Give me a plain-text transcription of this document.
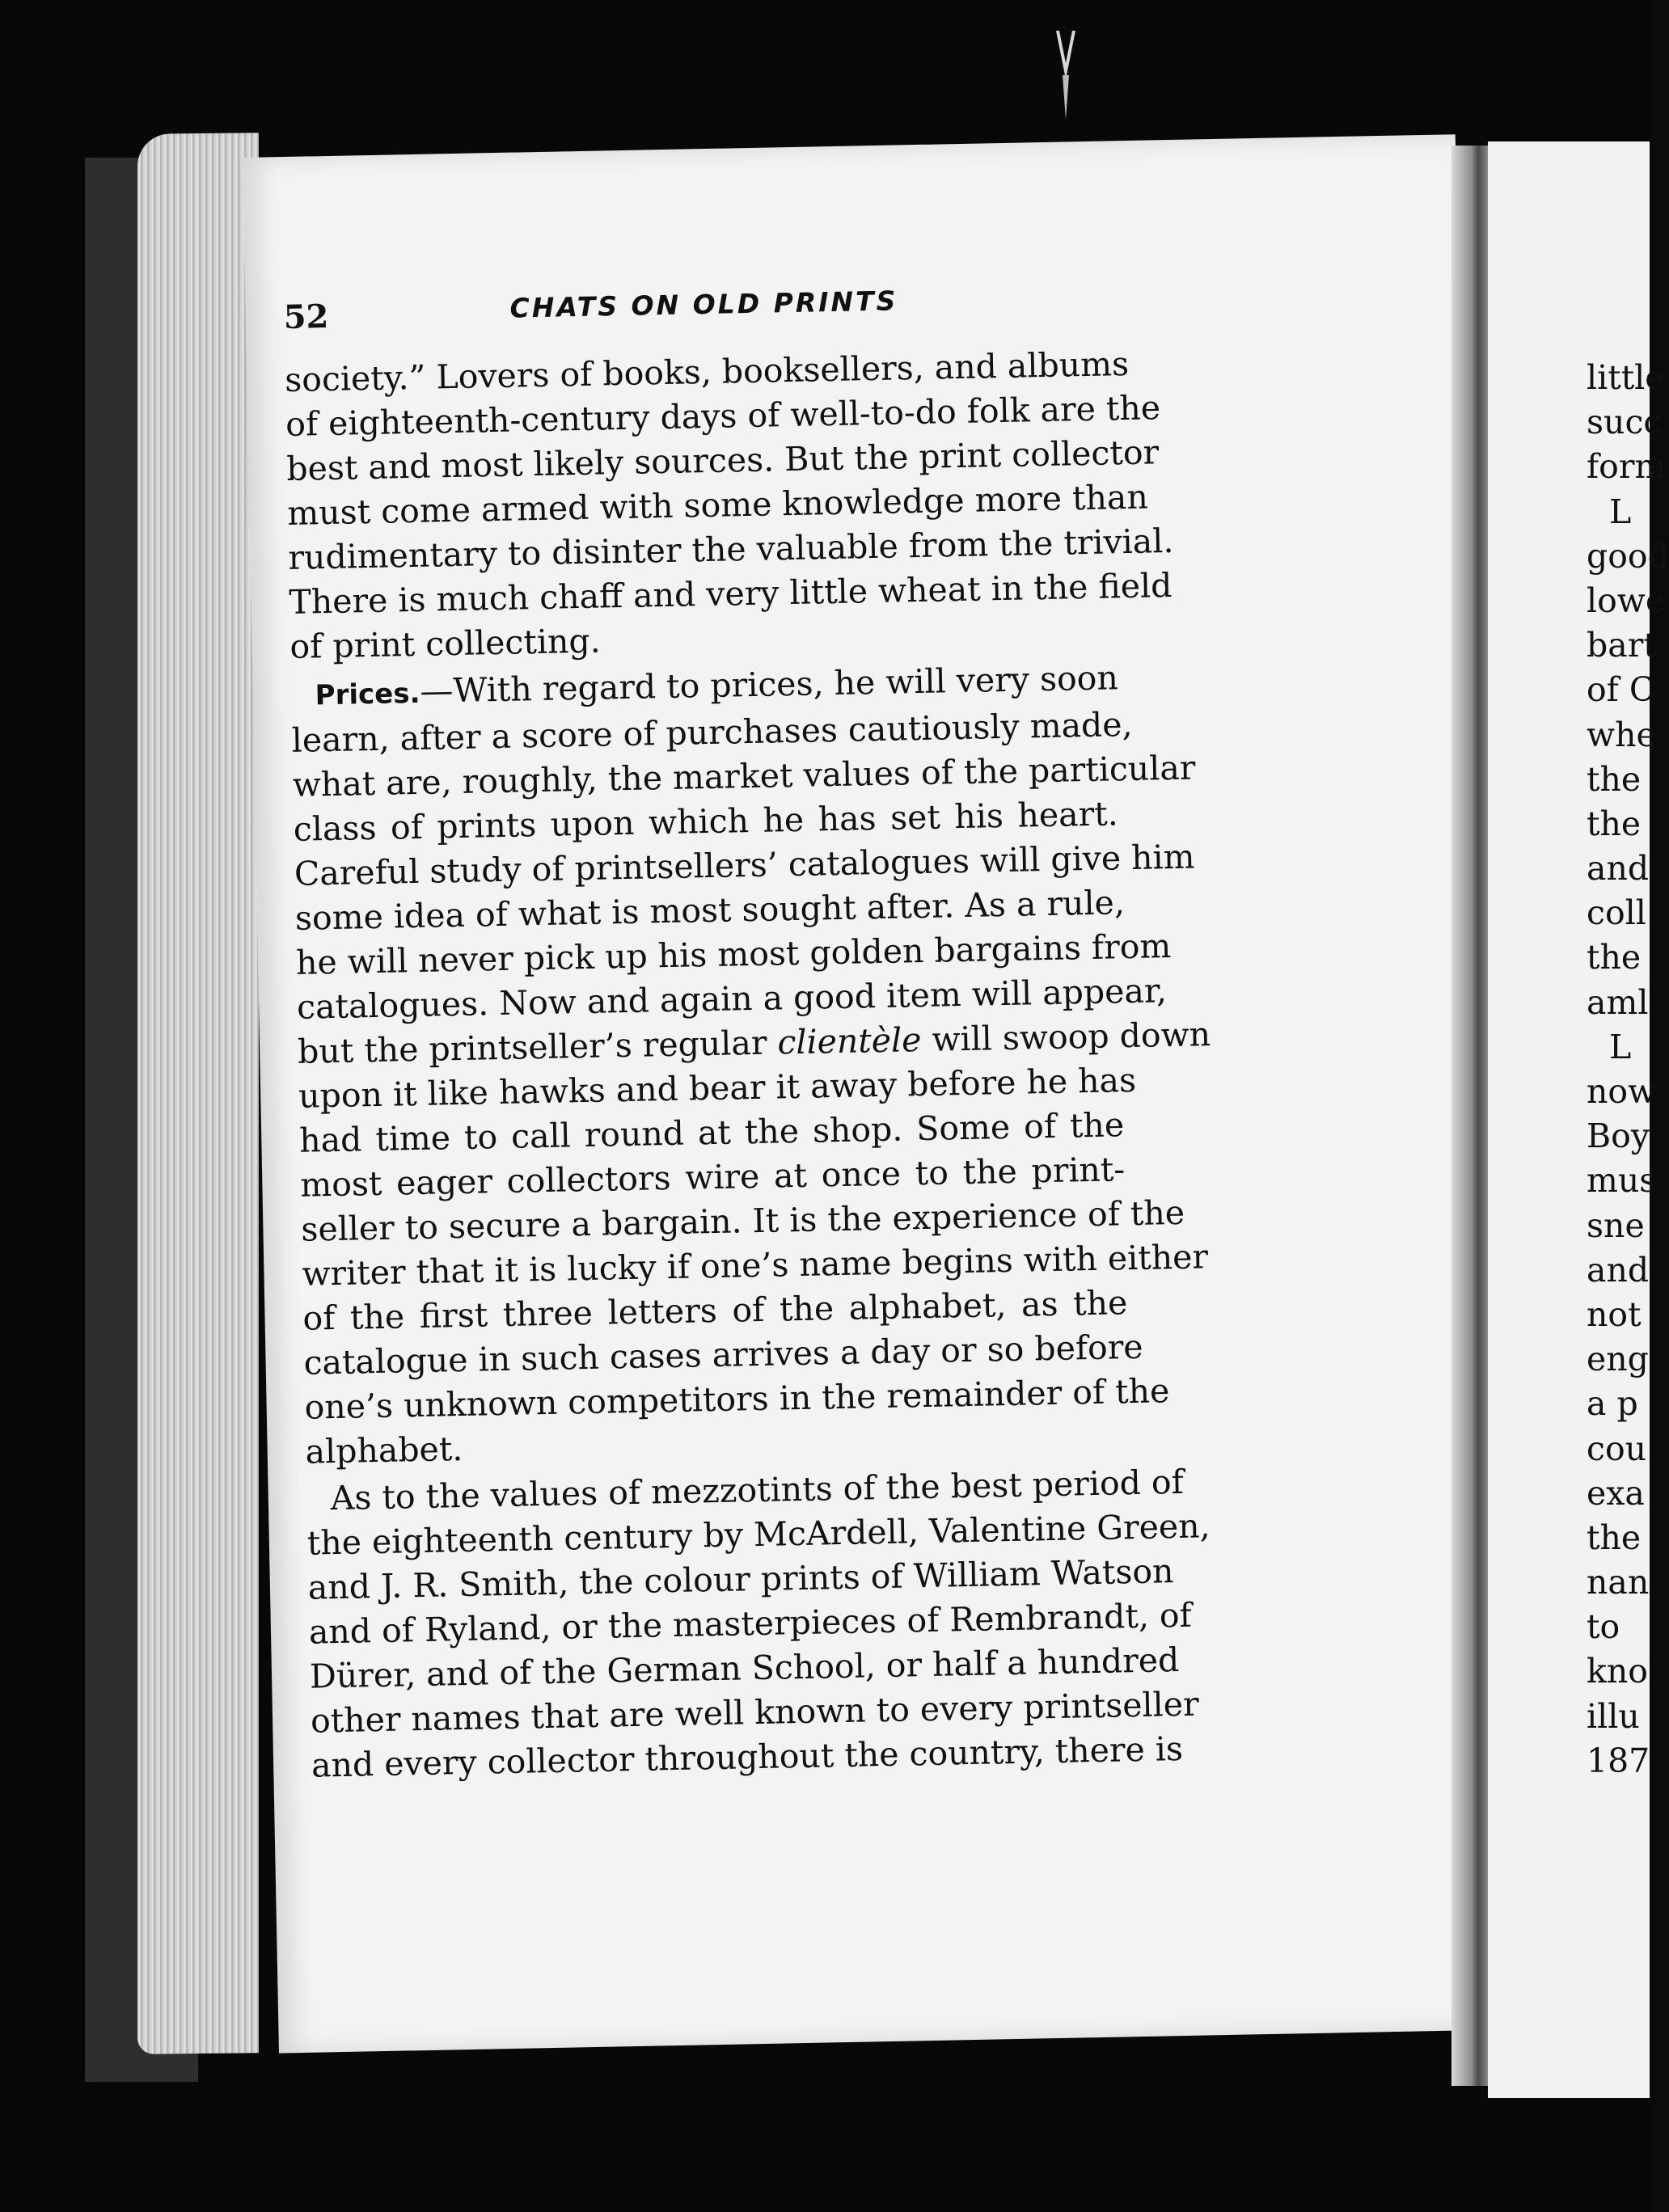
52	CHATS ON OLD PRINTS
society.” Lovers of books, booksellers, and albums
of eighteenth-century days of well-to-do folk are the
best and most likely sources. But the print collector
must come armed with some knowledge more than
rudimentary to disinter the valuable from the trivial.
There is much chaff and very little wheat in the field
of print collecting.
Prices.—With regard to prices, he will very soon
learn, after a score of purchases cautiously made,
what are, roughly, the market values of the particular
class of prints upon which he has set his heart.
Careful study of printsellers’ catalogues will give him
some idea of what is most sought after. As a rule,
he will never pick up his most golden bargains from
catalogues. Now and again a good item will appear,
but the printseller’s regular clientèle will swoop down
upon it like hawks and bear it away before he has
had time to call round at the shop. Some of the
most eager collectors wire at once to the print-
seller to secure a bargain. It is the experience of the
writer that it is lucky if one’s name begins with either
of the first three letters of the alphabet, as the
catalogue in such cases arrives a day or so before
one’s unknown competitors in the remainder of the
alphabet.
As to the values of mezzotints of the best period of
the eighteenth century by McArdell, Valentine Green,
and J. R. Smith, the colour prints of William Watson
and of Ryland, or the masterpieces of Rembrandt, of
Dürer, and of the German School, or half a hundred
other names that are well known to every printseller
and every collector throughout the country, there is
little
succ
form
L
good
lowe
bart
of C
whe
the
the
and
coll
the
aml
L
now
Boy
mus
sne
and
not
eng
a p
cou
exa
the
nan
to
kno
illu
187
